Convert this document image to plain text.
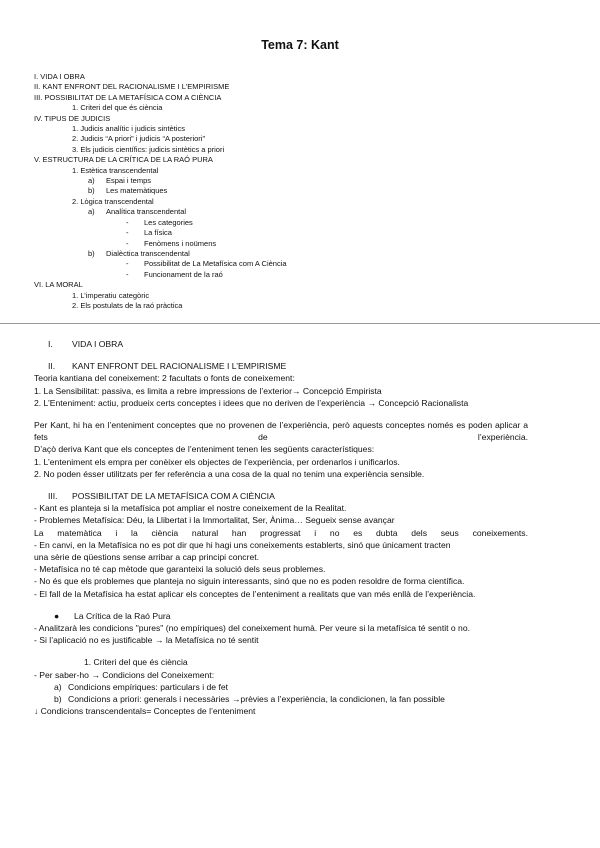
Tema 7: Kant
I. VIDA I OBRA
II. KANT ENFRONT DEL RACIONALISME I L’EMPIRISME
III. POSSIBILITAT DE LA METAFÍSICA COM A CIÈNCIA
1. Criteri del que és ciència
IV. TIPUS DE JUDICIS
1. Judicis analític i judicis sintètics
2. Judicis “A priori” i judicis “A posteriori”
3. Els judicis científics: judicis sintètics a priori
V. ESTRUCTURA DE LA CRÍTICA DE LA RAÓ PURA
1. Estètica transcendental
a) Espai i temps
b) Les matemàtiques
2. Lògica transcendental
a) Analítica transcendental
- Les categories
- La física
- Fenòmens i noümens
b) Dialèctica transcendental
- Possibilitat de La Metafísica com A Ciència
- Funcionament de la raó
VI. LA MORAL
1. L’imperatiu categòric
2. Els postulats de la raó pràctica

I. VIDA I OBRA

II. KANT ENFRONT DEL RACIONALISME I L’EMPIRISME

Teoria kantiana del coneixement: 2 facultats o fonts de coneixement:

1. La Sensibilitat: passiva, es limita a rebre impressions de l’exterior→ Concepció Empirista

2. L’Enteniment: actiu, produeix certs conceptes i idees que no deriven de l’experiència → Concepció Racionalista

Per Kant, hi ha en l’enteniment conceptes que no provenen de l’experiència, però aquests conceptes només es poden aplicar a fets de l’experiència.

D’açò deriva Kant que els conceptes de l’enteniment tenen les següents característiques:

1. L’enteniment els empra per conèixer els objectes de l’experiència, per ordenarlos i unificarlos.

2. No poden ésser utilitzats per fer referència a una cosa de la qual no tenim una experiència sensible.

III. POSSIBILITAT DE LA METAFÍSICA COM A CIÈNCIA

- Kant es planteja si la metafísica pot ampliar el nostre coneixement de la Realitat.

- Problemes Metafísica: Déu, la Llibertat i la Immortalitat, Ser, Ànima… Segueix sense avançar

La matemàtica i la ciència natural han progressat i no es dubta dels seus coneixements.

- En canvi, en la Metafísica no es pot dir que hi hagi uns coneixements establerts, sinó que únicament tracten

una sèrie de qüestions sense arribar a cap principi concret.

- Metafísica no té cap mètode que garanteixi la solució dels seus problemes.

- No és que els problemes que planteja no siguin interessants, sinó que no es poden resoldre de forma científica.

- El fall de la Metafísica ha estat aplicar els conceptes de l’enteniment a realitats que van més enllà de l’experiència.

● La Crítica de la Raó Pura

- Analitzarà les condicions "pures" (no empíriques) del coneixement humà. Per veure si la metafísica té sentit o no.

- Si l’aplicació no es justificable → la Metafísica no té sentit

1. Criteri del que és ciència

- Per saber-ho → Condicions del Coneixement:

a) Condicions empíriques: particulars i de fet

b) Condicions a priori: generals i necessàries →prèvies a l’experiència, la condicionen, la fan possible

↓ Condicions transcendentals= Conceptes de l’enteniment
